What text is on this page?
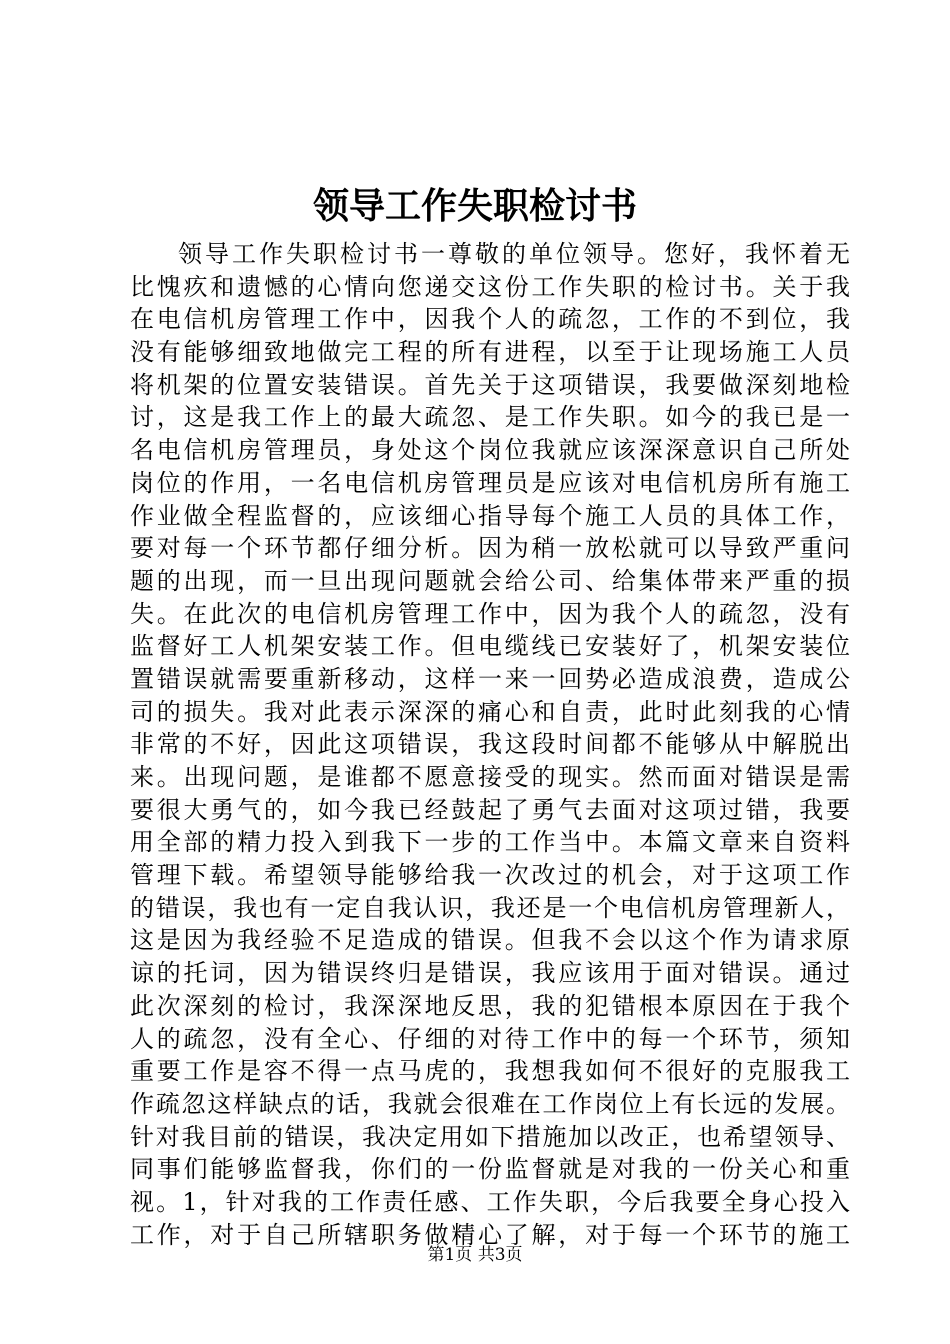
领导工作失职检讨书
领导工作失职检讨书一尊敬的单位领导。您好，我怀着无
比愧疚和遗憾的心情向您递交这份工作失职的检讨书。关于我
在电信机房管理工作中，因我个人的疏忽，工作的不到位，我
没有能够细致地做完工程的所有进程，以至于让现场施工人员
将机架的位置安装错误。首先关于这项错误，我要做深刻地检
讨，这是我工作上的最大疏忽、是工作失职。如今的我已是一
名电信机房管理员，身处这个岗位我就应该深深意识自己所处
岗位的作用，一名电信机房管理员是应该对电信机房所有施工
作业做全程监督的，应该细心指导每个施工人员的具体工作，
要对每一个环节都仔细分析。因为稍一放松就可以导致严重问
题的出现，而一旦出现问题就会给公司、给集体带来严重的损
失。在此次的电信机房管理工作中，因为我个人的疏忽，没有
监督好工人机架安装工作。但电缆线已安装好了，机架安装位
置错误就需要重新移动，这样一来一回势必造成浪费，造成公
司的损失。我对此表示深深的痛心和自责，此时此刻我的心情
非常的不好，因此这项错误，我这段时间都不能够从中解脱出
来。出现问题，是谁都不愿意接受的现实。然而面对错误是需
要很大勇气的，如今我已经鼓起了勇气去面对这项过错，我要
用全部的精力投入到我下一步的工作当中。本篇文章来自资料
管理下载。希望领导能够给我一次改过的机会，对于这项工作
的错误，我也有一定自我认识，我还是一个电信机房管理新人，
这是因为我经验不足造成的错误。但我不会以这个作为请求原
谅的托词，因为错误终归是错误，我应该用于面对错误。通过
此次深刻的检讨，我深深地反思，我的犯错根本原因在于我个
人的疏忽，没有全心、仔细的对待工作中的每一个环节，须知
重要工作是容不得一点马虎的，我想我如何不很好的克服我工
作疏忽这样缺点的话，我就会很难在工作岗位上有长远的发展。
针对我目前的错误，我决定用如下措施加以改正，也希望领导、
同事们能够监督我，你们的一份监督就是对我的一份关心和重
视。1，针对我的工作责任感、工作失职，今后我要全身心投入
工作，对于自己所辖职务做精心了解，对于每一个环节的施工
第1页 共3页
